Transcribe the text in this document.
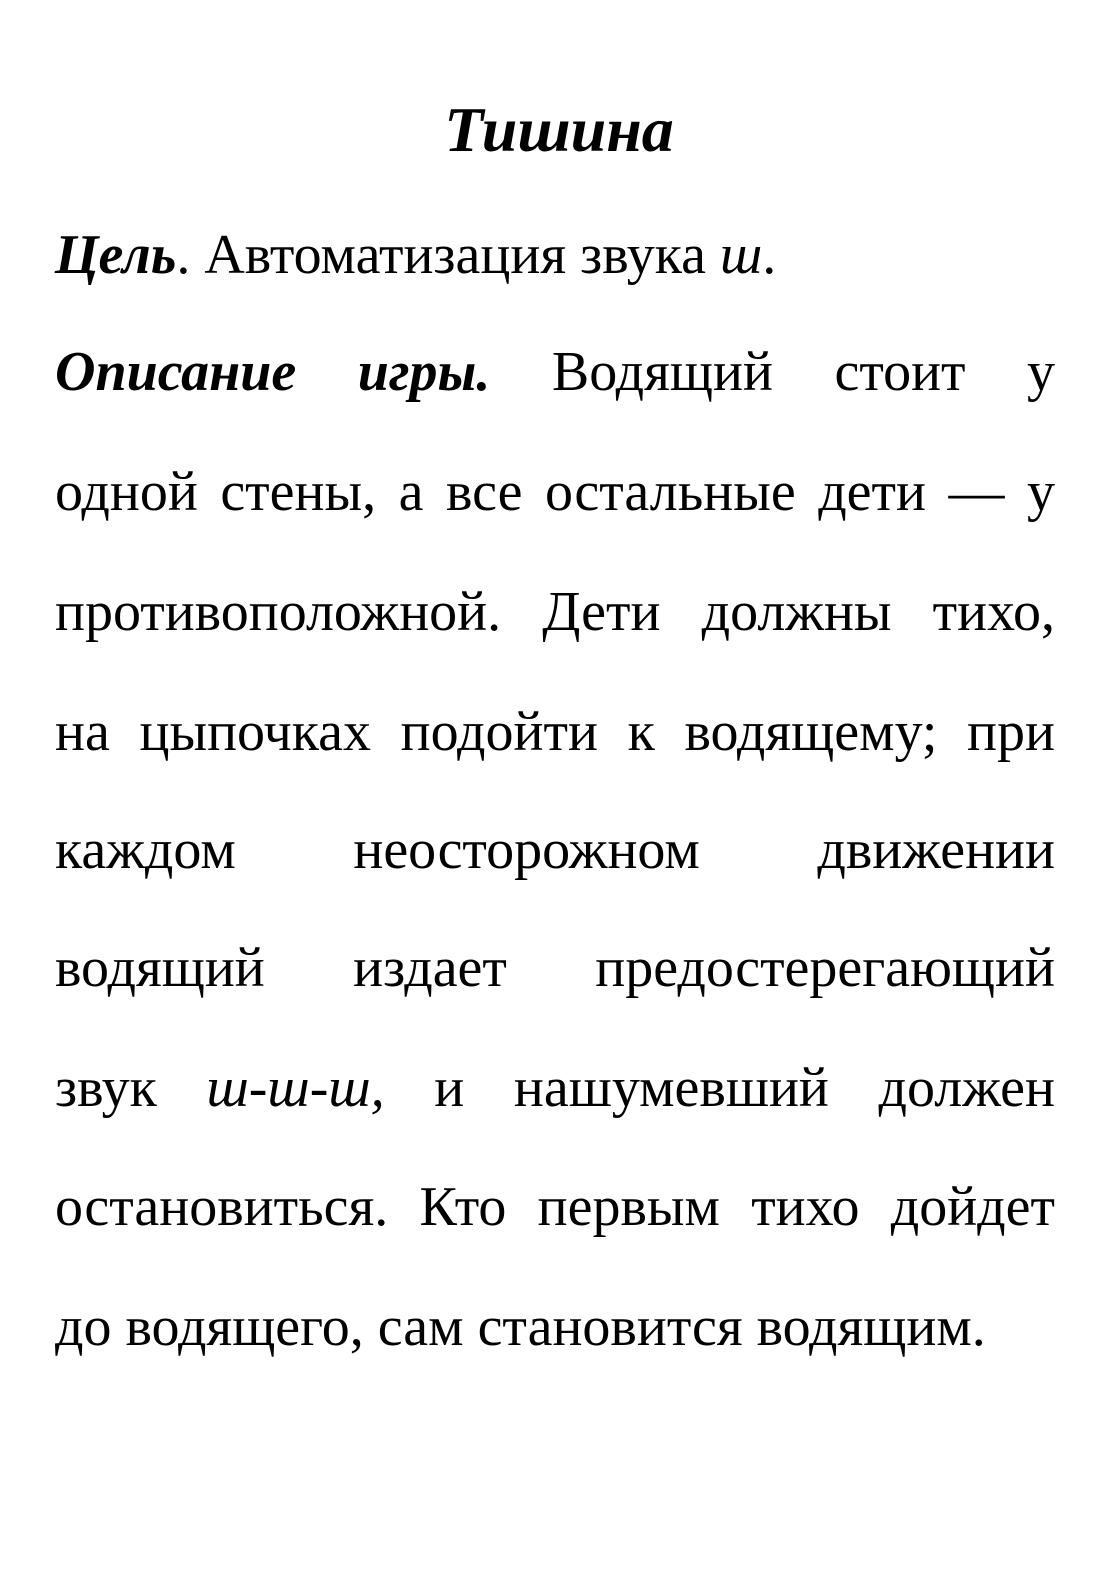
Тишина
Цель. Автоматизация звука ш.
Описание игры. Водящий стоит у
одной стены, а все остальные дети — у
противоположной. Дети должны тихо,
на цыпочках подойти к водящему; при
каждом неосторожном движении
водящий издает предостерегающий
звук ш-ш-ш, и нашумевший должен
остановиться. Кто первым тихо дойдет
до водящего, сам становится водящим.
